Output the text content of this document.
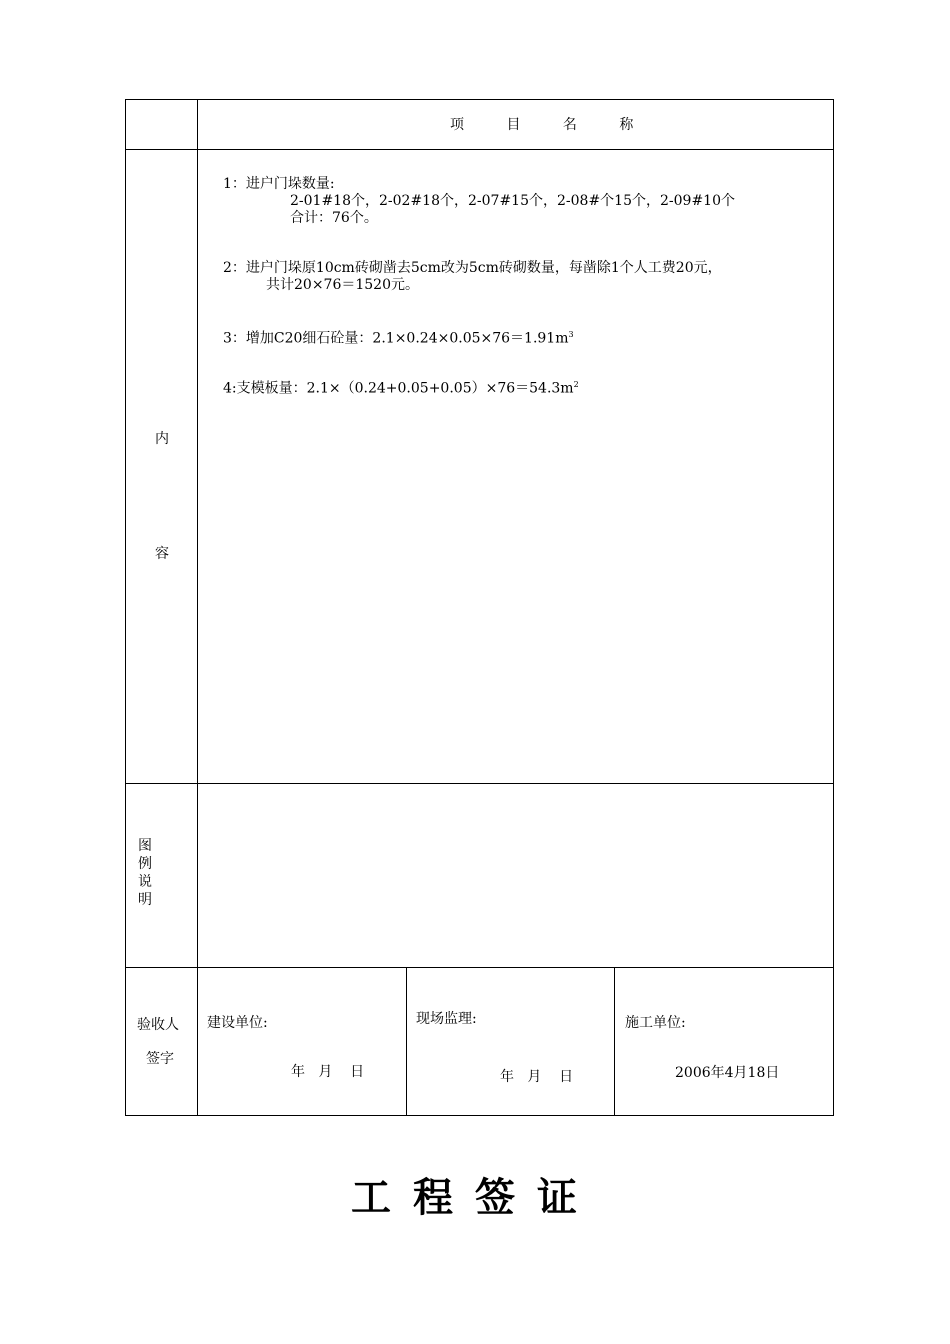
项 目 名 称
内
容
1：进户门垛数量:
2-01#18个，2-02#18个，2-07#15个，2-08#个15个，2-09#10个
合计：76个。
2：进户门垛原10cm砖砌凿去5cm改为5cm砖砌数量，每凿除1个人工费20元，
共计20×76＝1520元。
3：增加C20细石砼量：$2.1\times 0.24\times 0.05\times 76=1.91m^3$
4:支模板量：$2.1\times(0.24+0.05+0.05)\times 76=54.3m^2$
图例说明
验收人
签字
建设单位:
年   月    日
现场监理:
年   月    日
施工单位:
2006年4月18日
工程签证
